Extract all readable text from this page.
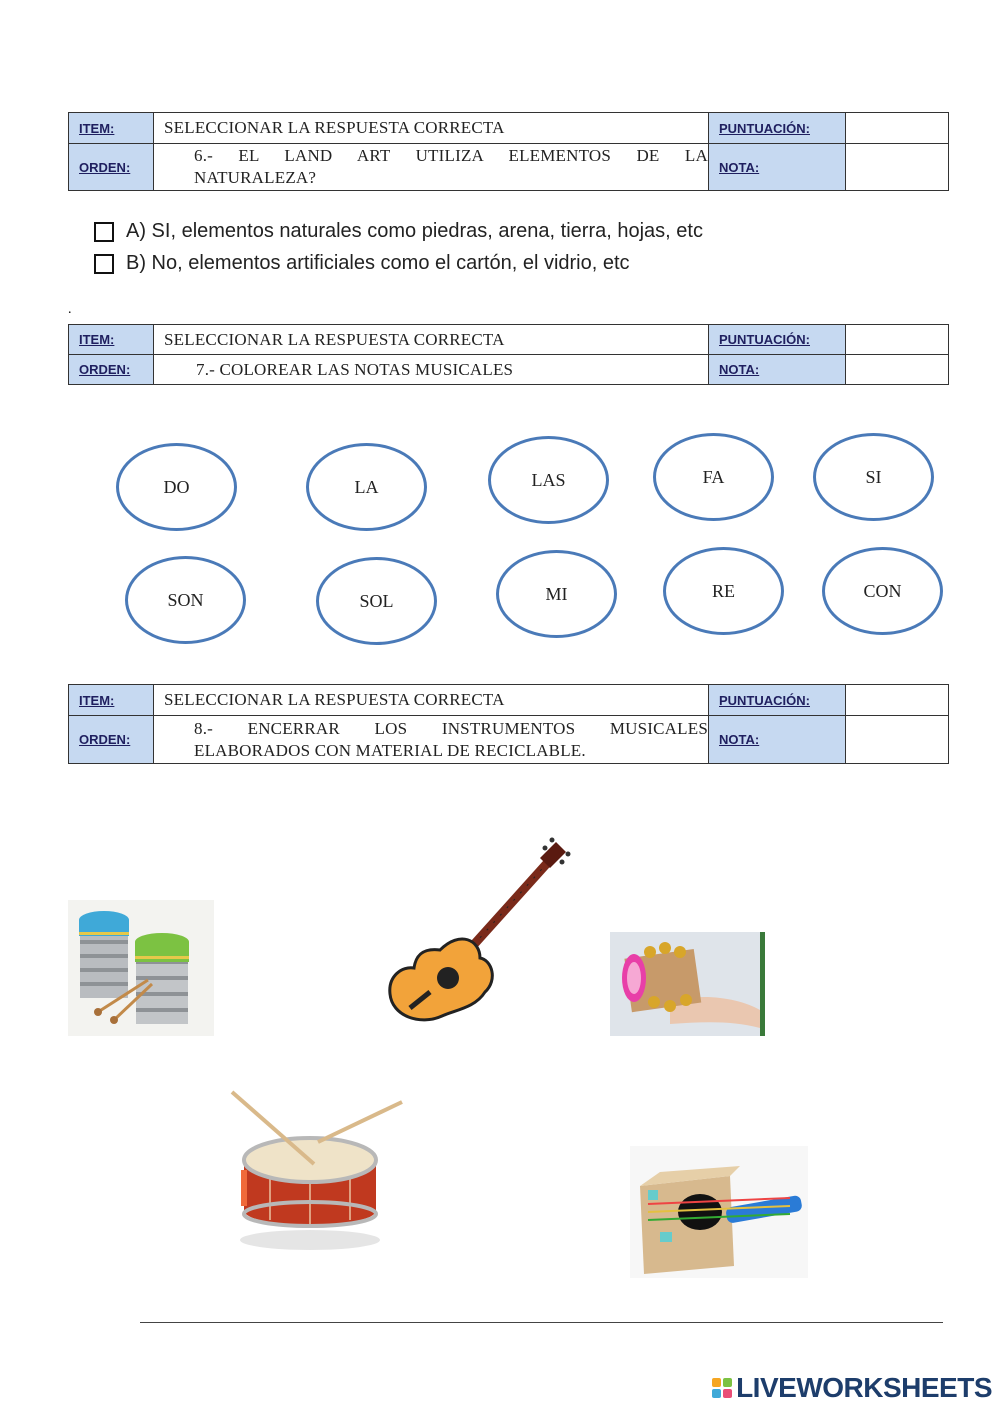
ITEM:	SELECCIONAR LA RESPUESTA CORRECTA	PUNTUACIÓN:	
ORDEN:	6.- EL LAND ART UTILIZA ELEMENTOS DE LA
NATURALEZA?	NOTA:	
A) SI, elementos naturales como piedras, arena, tierra, hojas, etc
B) No, elementos artificiales como el cartón, el vidrio, etc
.
ITEM:	SELECCIONAR LA RESPUESTA CORRECTA	PUNTUACIÓN:	
ORDEN:	7.- COLOREAR LAS NOTAS MUSICALES	NOTA:	
DO	LA	LAS	FA	SI
SON	SOL	MI	RE	CON
ITEM:	SELECCIONAR LA RESPUESTA CORRECTA	PUNTUACIÓN:	
ORDEN:	8.- ENCERRAR LOS INSTRUMENTOS MUSICALES
ELABORADOS CON MATERIAL DE RECICLABLE.	NOTA:	
LIVEWORKSHEETS
